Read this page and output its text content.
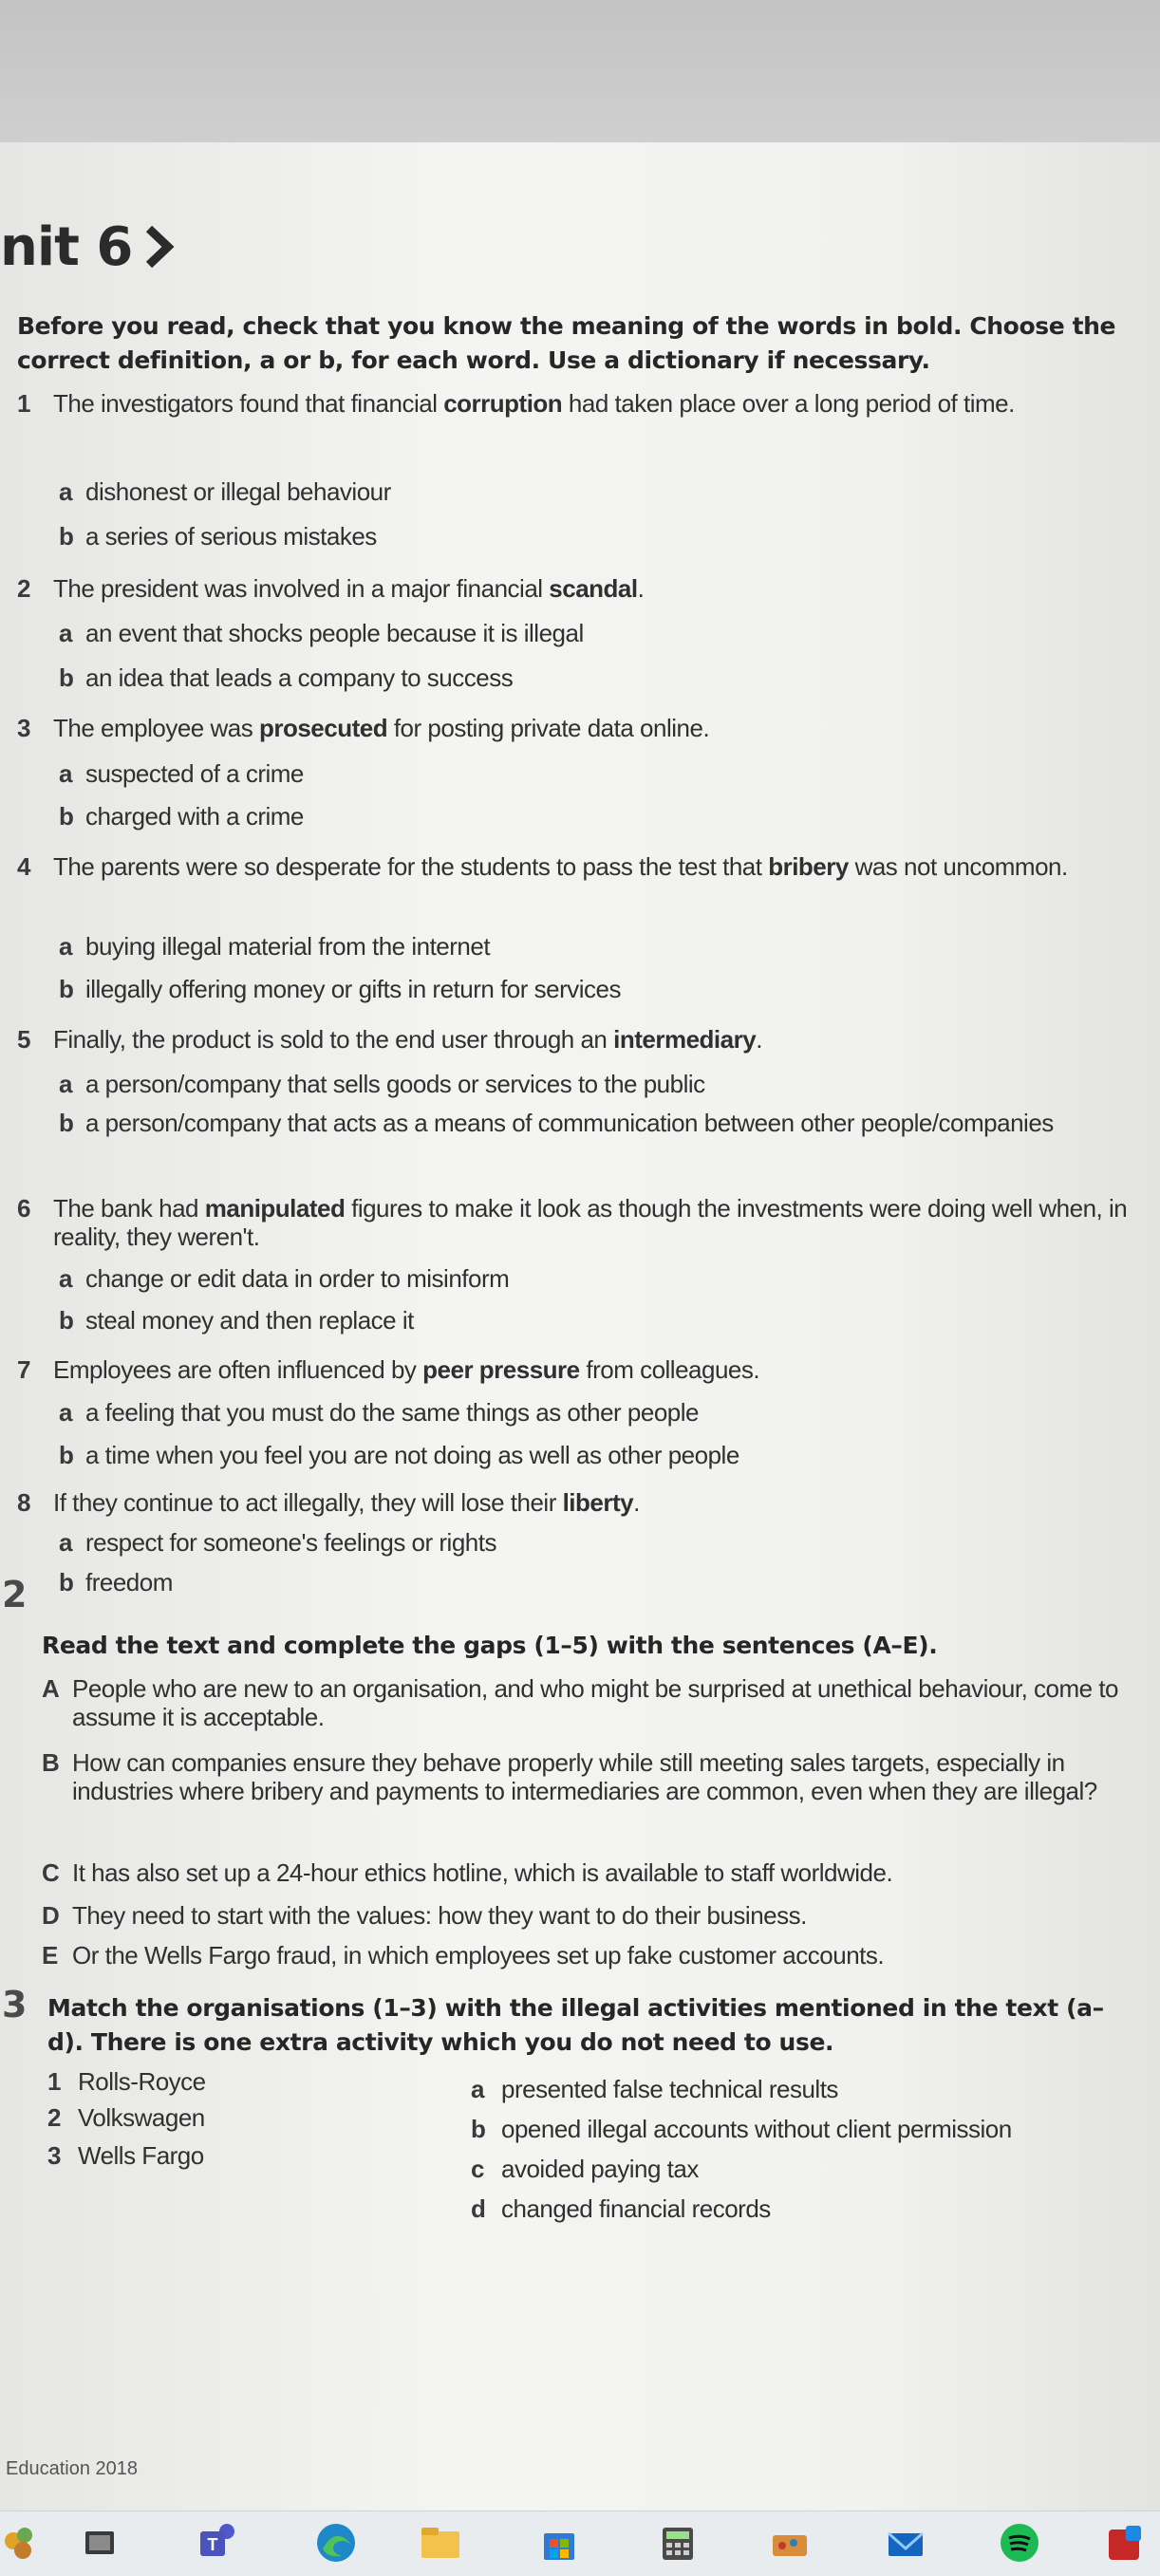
nit 6
Before you read, check that you know the meaning of the words in bold. Choose the correct definition, a or b, for each word. Use a dictionary if necessary.
1 The investigators found that financial corruption had taken place over a long period of time.
a dishonest or illegal behaviour
b a series of serious mistakes
2 The president was involved in a major financial scandal.
a an event that shocks people because it is illegal
b an idea that leads a company to success
3 The employee was prosecuted for posting private data online.
a suspected of a crime
b charged with a crime
4 The parents were so desperate for the students to pass the test that bribery was not uncommon.
a buying illegal material from the internet
b illegally offering money or gifts in return for services
5 Finally, the product is sold to the end user through an intermediary.
a a person/company that sells goods or services to the public
b a person/company that acts as a means of communication between other people/companies
6 The bank had manipulated figures to make it look as though the investments were doing well when, in reality, they weren't.
a change or edit data in order to misinform
b steal money and then replace it
7 Employees are often influenced by peer pressure from colleagues.
a a feeling that you must do the same things as other people
b a time when you feel you are not doing as well as other people
8 If they continue to act illegally, they will lose their liberty.
a respect for someone's feelings or rights
b freedom
2
Read the text and complete the gaps (1–5) with the sentences (A–E).
A People who are new to an organisation, and who might be surprised at unethical behaviour, come to assume it is acceptable.
B How can companies ensure they behave properly while still meeting sales targets, especially in industries where bribery and payments to intermediaries are common, even when they are illegal?
C It has also set up a 24-hour ethics hotline, which is available to staff worldwide.
D They need to start with the values: how they want to do their business.
E Or the Wells Fargo fraud, in which employees set up fake customer accounts.
3 Match the organisations (1–3) with the illegal activities mentioned in the text (a–d). There is one extra activity which you do not need to use.
1 Rolls-Royce
2 Volkswagen
3 Wells Fargo
a presented false technical results
b opened illegal accounts without client permission
c avoided paying tax
d changed financial records
Education 2018
T
